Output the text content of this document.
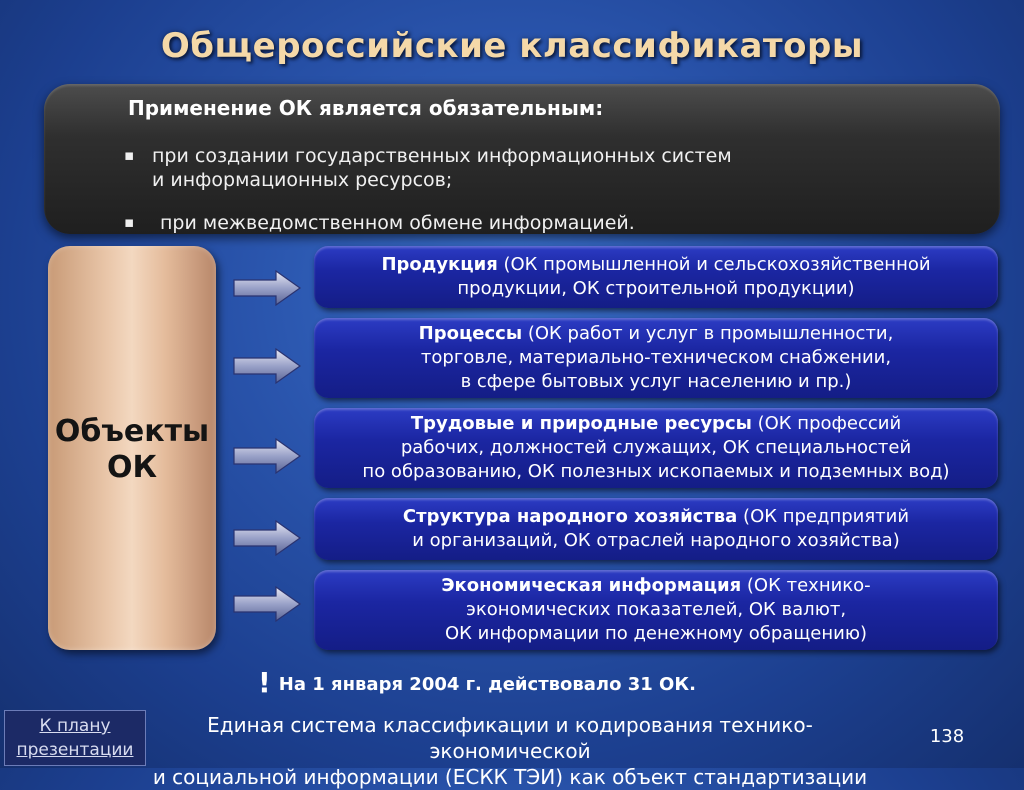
Общероссийские классификаторы
Применение ОК является обязательным:
▪ при создании государственных информационных систем
и информационных ресурсов;
▪ при межведомственном обмене информацией.
Объекты
ОК
Продукция (ОК промышленной и сельскохозяйственной
продукции, ОК строительной продукции)
Процессы (ОК работ и услуг в промышленности,
торговле, материально-техническом снабжении,
в сфере бытовых услуг населению и пр.)
Трудовые и природные ресурсы (ОК профессий
рабочих, должностей служащих, ОК специальностей
по образованию, ОК полезных ископаемых и подземных вод)
Структура народного хозяйства (ОК предприятий
и организаций, ОК отраслей народного хозяйства)
Экономическая информация (ОК технико-
экономических показателей, ОК валют,
ОК информации по денежному обращению)
! На 1 января 2004 г. действовало 31 ОК.
К плану
презентации
Единая система классификации и кодирования технико-экономической
и социальной информации (ЕСКК ТЭИ) как объект стандартизации
138
